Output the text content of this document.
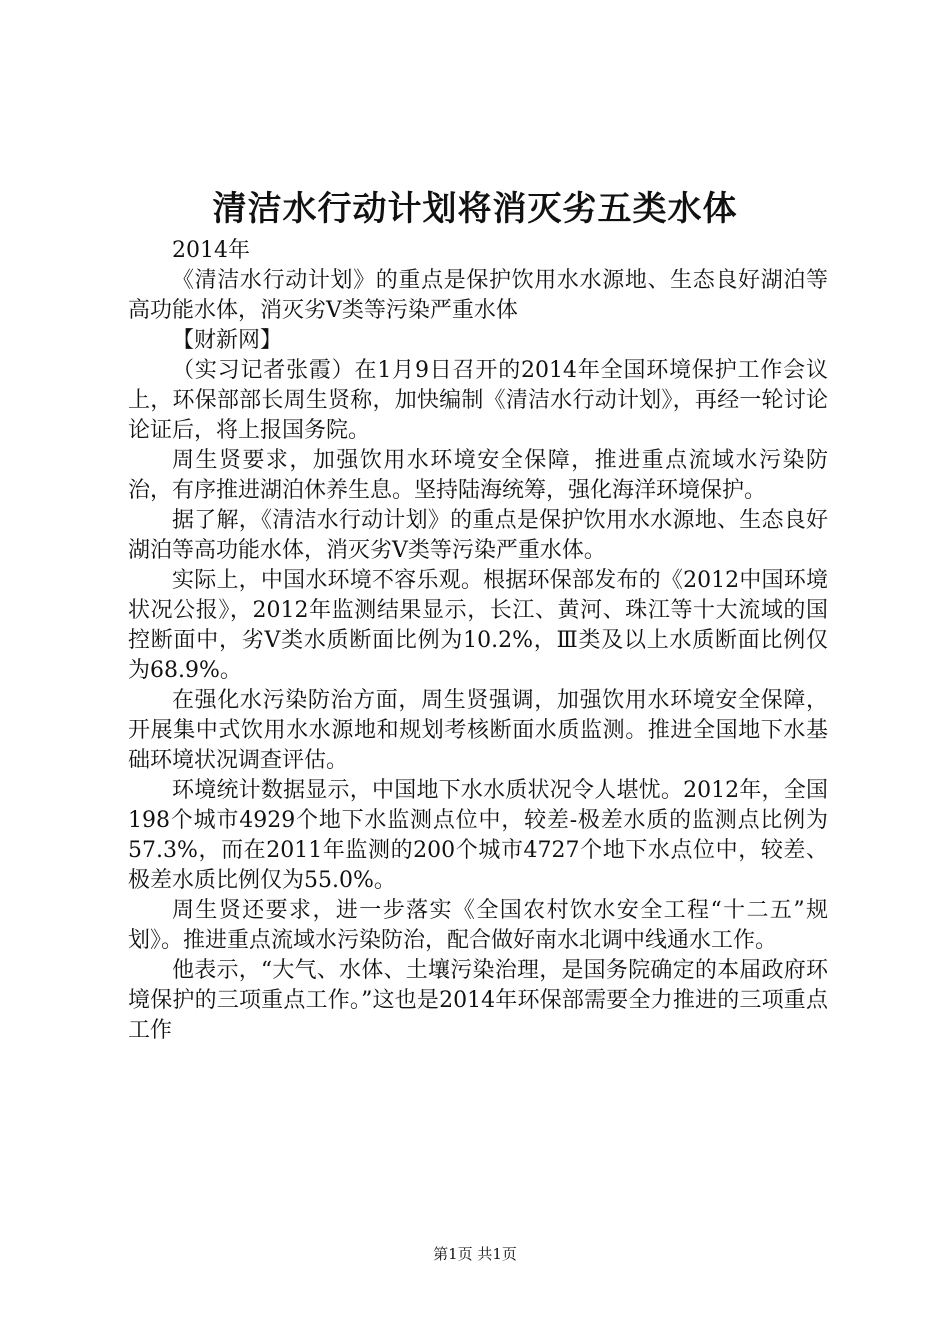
清洁水行动计划将消灭劣五类水体

2014年

《清洁水行动计划》的重点是保护饮用水水源地、生态良好湖泊等高功能水体，消灭劣Ⅴ类等污染严重水体

【财新网】

（实习记者张霞）在1月9日召开的2014年全国环境保护工作会议上，环保部部长周生贤称，加快编制《清洁水行动计划》，再经一轮讨论论证后，将上报国务院。

周生贤要求，加强饮用水环境安全保障，推进重点流域水污染防治，有序推进湖泊休养生息。坚持陆海统筹，强化海洋环境保护。

据了解，《清洁水行动计划》的重点是保护饮用水水源地、生态良好湖泊等高功能水体，消灭劣Ⅴ类等污染严重水体。

实际上，中国水环境不容乐观。根据环保部发布的《2012中国环境状况公报》，2012年监测结果显示，长江、黄河、珠江等十大流域的国控断面中，劣Ⅴ类水质断面比例为10.2%，Ⅲ类及以上水质断面比例仅为68.9%。

在强化水污染防治方面，周生贤强调，加强饮用水环境安全保障，开展集中式饮用水水源地和规划考核断面水质监测。推进全国地下水基础环境状况调查评估。

环境统计数据显示，中国地下水水质状况令人堪忧。2012年，全国198个城市4929个地下水监测点位中，较差-极差水质的监测点比例为57.3%，而在2011年监测的200个城市4727个地下水点位中，较差、极差水质比例仅为55.0%。

周生贤还要求，进一步落实《全国农村饮水安全工程“十二五”规划》。推进重点流域水污染防治，配合做好南水北调中线通水工作。

他表示，“大气、水体、土壤污染治理，是国务院确定的本届政府环境保护的三项重点工作。”这也是2014年环保部需要全力推进的三项重点工作

第1页 共1页
